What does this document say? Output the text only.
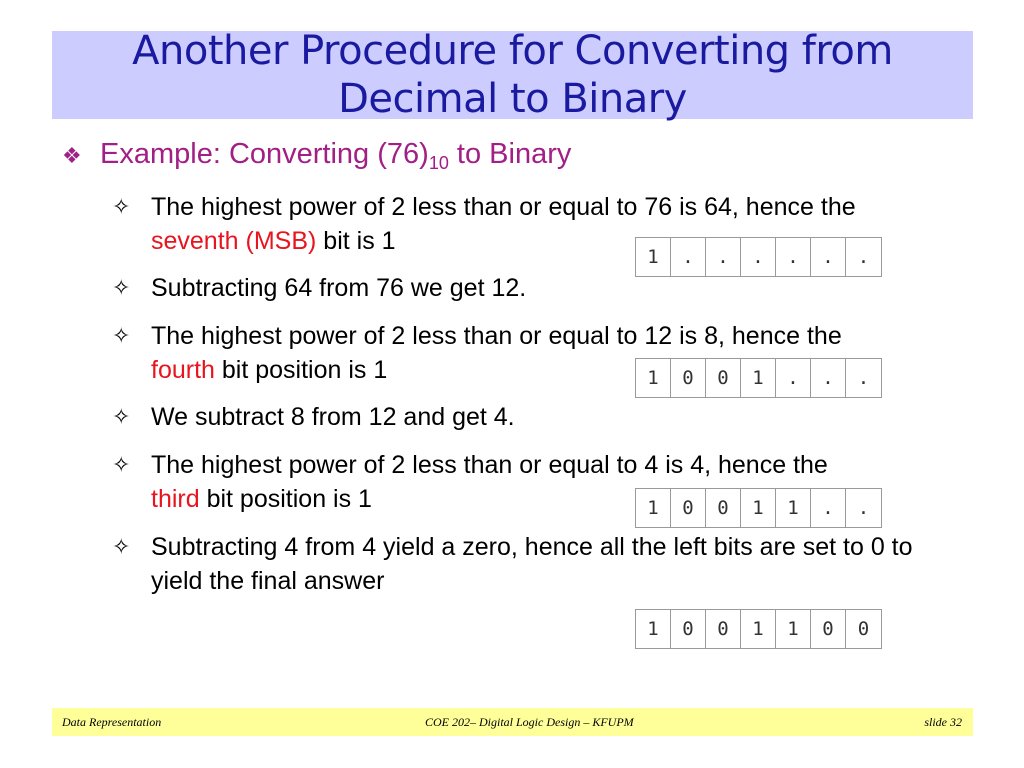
Another Procedure for Converting from
Decimal to Binary
❖ Example: Converting $(76)_{10}$ to Binary
✧ The highest power of 2 less than or equal to 76 is 64, hence the
seventh (MSB) bit is 1
1	.	.	.	.	.	.
✧ Subtracting 64 from 76 we get 12.
✧ The highest power of 2 less than or equal to 12 is 8, hence the
fourth bit position is 1	1	0	0	1	.	.	.
✧ We subtract 8 from 12 and get 4.
✧ The highest power of 2 less than or equal to 4 is 4, hence the
third bit position is 1	1	0	0	1	1	.	.
✧ Subtracting 4 from 4 yield a zero, hence all the left bits are set to 0 to yield the final answer
1	0	0	1	1	0	0
Data Representation	COE 202– Digital Logic Design – KFUPM	slide 32
